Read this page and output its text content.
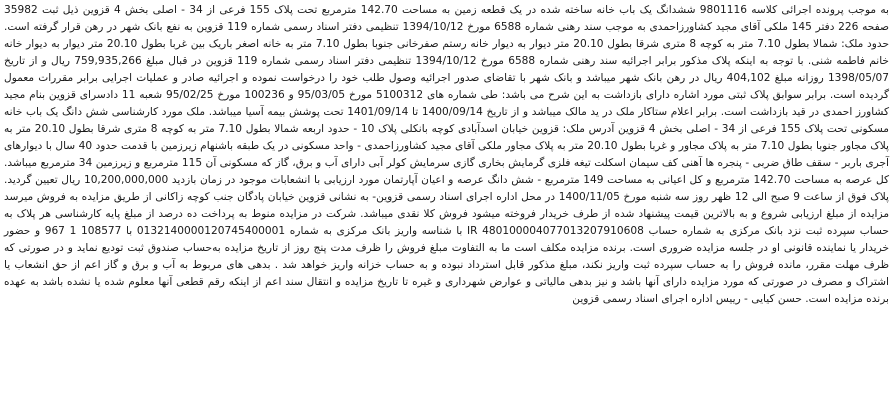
به موجب پرونده اجرائی کلاسه 9801116 ششدانگ یک باب خانه ساخته شده در یک قطعه زمین به مساحت 142.70 مترمربع تحت پلاک 155 فرعی از 34 - اصلی بخش 4 قزوین ذیل ثبت 35982 صفحه 226 دفتر 145 ملکی آقای مجید کشاورزاحمدی به موجب سند رهنی شماره 6588 مورخ 1394/10/12 تنظیمی دفتر اسناد رسمی شماره 119 قزوین به نفع بانک شهر در رهن قرار گرفته است. حدود ملک: شمالا بطول 7.10 متر به کوچه 8 متری شرقا بطول 20.10 متر دیوار به دیوار خانه رستم صفرخانی جنوبا بطول 7.10 متر به خانه اصغر باریک بین غربا بطول 20.10 متر دیوار به دیوار خانه خانم فاطمه شنی. با توجه به اینکه پلاک مذکور برابر اجرائیه سند رهنی شماره 6588 مورخ 1394/10/12 تنظیمی دفتر اسناد رسمی شماره 119 قزوین در قبال مبلغ 759,935,266 ریال و از تاریخ 1398/05/07 روزانه مبلغ 404,102 ریال در رهن بانک شهر میباشد و بانک شهر با تقاضای صدور اجرائیه وصول طلب خود را درخواست نموده و اجرائیه صادر و عملیات اجرایی برابر مقررات معمول گردیده است. برابر سوابق پلاک ثبتی مورد اشاره دارای بازداشت به این شرح می باشد: طی شماره های 5100312 مورخ 95/03/05 و 100236 مورخ 95/02/25 شعبه 11 دادسرای قزوین بنام مجید کشاورز احمدی در قید بازداشت است. برابر اعلام ستاکار ملک در ید مالک میباشد و از تاریخ 1400/09/14 تا 1401/09/14 تحت پوشش بیمه آسیا میباشد. ملک مورد کارشناسی شش دانگ یک باب خانه مسکونی تحت پلاک 155 فرعی از 34 - اصلی بخش 4 قزوین آدرس ملک: قزوین خیابان اسدآبادی کوچه بانکلی پلاک 10 - حدود اربعه شمالا بطول 7.10 متر به کوچه 8 متری شرقا بطول 20.10 متر به پلاک مجاور جنوبا بطول 7.10 متر به پلاک مجاور و غربا بطول 20.10 متر به پلاک مجاور ملکی آقای مجید کشاورزاحمدی - واحد مسکونی در یک طبقه باشنهام زیرزمین با قدمت حدود 40 سال با دیوارهای آجری باربر - سقف طاق ضربی - پنجره ها آهنی کف سیمان اسکلت تیغه فلزی گرمایش بخاری گازی سرمایش کولر آبی دارای آب و برق، گاز که مسکونی آن 115 مترمربع و زیرزمین 34 مترمربع میباشد. کل عرصه به مساحت 142.70 مترمربع و کل اعیانی به مساحت 149 مترمربع - شش دانگ عرصه و اعیان آپارتمان مورد ارزیابی با انشعابات موجود در زمان بازدید 10,200,000,000 ریال تعیین گردید. پلاک فوق از ساعت 9 صبح الی 12 ظهر روز سه شنبه مورخ 1400/11/05 در محل اداره اجرای اسناد رسمی قزوین- به نشانی قزوین خیابان پادگان جنب کوچه زاکانی از طریق مزایده به فروش میرسد مزایده از مبلغ ارزیابی شروع و به بالاترین قیمت پیشنهاد شده از طرف خریدار فروخته میشود فروش کلا نقدی میباشد. شرکت در مزایده منوط به پرداخت ده درصد از مبلغ پایه کارشناسی هر پلاک به حساب سپرده ثبت نزد بانک مرکزی به شماره حساب IR 480100004077013207910608 با شناسه واریز بانک مرکزی به شماره 0132140000120745400001 با 108577 1 967 و حضور خریدار یا نماینده قانونی او در جلسه مزایده ضروری است. برنده مزایده مکلف است ما به التفاوت مبلغ فروش را ظرف مدت پنج روز از تاریخ مزایده به‌حساب صندوق ثبت تودیع نماید و در صورتی که ظرف مهلت مقرر، مانده فروش را به حساب سپرده ثبت واریز نکند، مبلغ مذکور قابل استرداد نبوده و به حساب خزانه واریز خواهد شد . بدهی های مربوط به آب و برق و گاز اعم از حق انشعاب یا اشتراک و مصرف در صورتی که مورد مزایده دارای آنها باشد و نیز بدهی مالیاتی و عوارض شهرداری و غیره تا تاریخ مزایده و انتقال سند اعم از اینکه رقم قطعی آنها معلوم شده یا نشده باشد به عهده برنده مزایده است. حسن کیایی - رییس اداره اجرای اسناد رسمی قزوین
